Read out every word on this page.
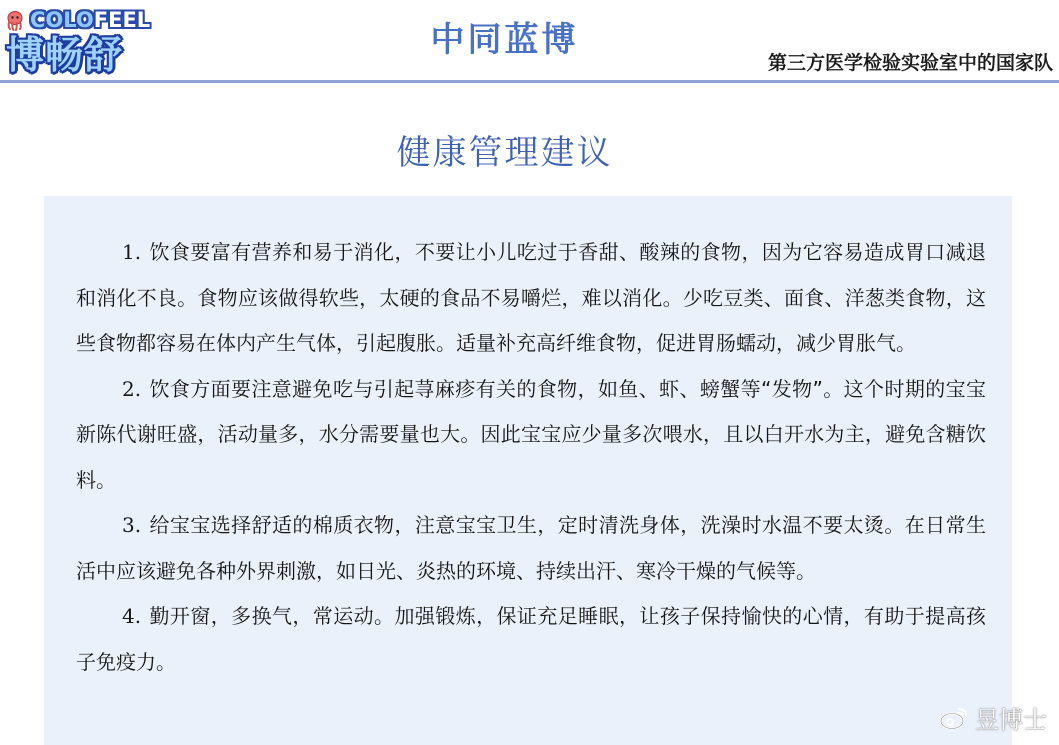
COLOFEEL
博畅舒	中同蓝博
第三方医学检验实验室中的国家队
健康管理建议

1. 饮食要富有营养和易于消化，不要让小儿吃过于香甜、酸辣的食物，因为它容易造成胃口减退和消化不良。食物应该做得软些，太硬的食品不易嚼烂，难以消化。少吃豆类、面食、洋葱类食物，这些食物都容易在体内产生气体，引起腹胀。适量补充高纤维食物，促进胃肠蠕动，减少胃胀气。

2. 饮食方面要注意避免吃与引起荨麻疹有关的食物，如鱼、虾、螃蟹等“发物”。这个时期的宝宝新陈代谢旺盛，活动量多，水分需要量也大。因此宝宝应少量多次喂水，且以白开水为主，避免含糖饮料。

3. 给宝宝选择舒适的棉质衣物，注意宝宝卫生，定时清洗身体，洗澡时水温不要太烫。在日常生活中应该避免各种外界刺激，如日光、炎热的环境、持续出汗、寒冷干燥的气候等。

4. 勤开窗，多换气，常运动。加强锻炼，保证充足睡眠，让孩子保持愉快的心情，有助于提高孩子免疫力。

昱博士
